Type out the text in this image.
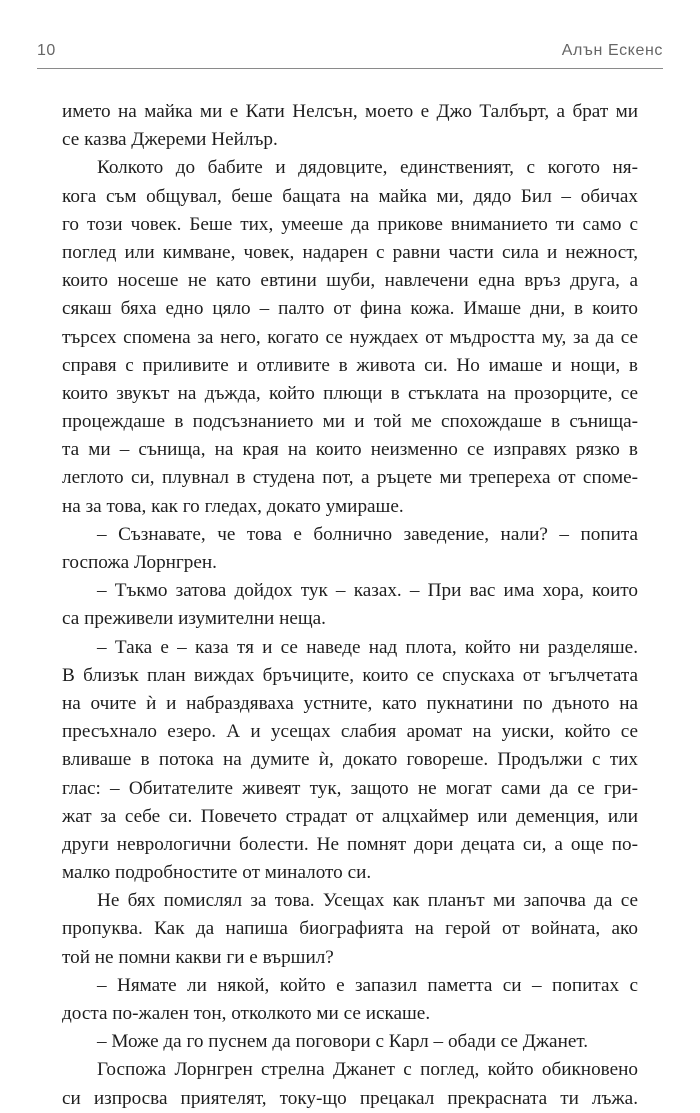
10	Алън Ескенс
името на майка ми е Кати Нелсън, моето е Джо Талбърт, а брат ми
се казва Джереми Нейлър.
Колкото до бабите и дядовците, единственият, с когото ня-
кога съм общувал, беше бащата на майка ми, дядо Бил – обичах
го този човек. Беше тих, умееше да прикове вниманието ти само с
поглед или кимване, човек, надарен с равни части сила и нежност,
които носеше не като евтини шуби, навлечени една връз друга, а
сякаш бяха едно цяло – палто от фина кожа. Имаше дни, в които
търсех спомена за него, когато се нуждаех от мъдростта му, за да се
справя с приливите и отливите в живота си. Но имаше и нощи, в
които звукът на дъжда, който плющи в стъклата на прозорците, се
процеждаше в подсъзнанието ми и той ме спохождаше в сънища-
та ми – сънища, на края на които неизменно се изправях рязко в
леглото си, плувнал в студена пот, а ръцете ми трепереха от споме-
на за това, как го гледах, докато умираше.
– Съзнавате, че това е болнично заведение, нали? – попита
госпожа Лорнгрен.
– Тъкмо затова дойдох тук – казах. – При вас има хора, които
са преживели изумителни неща.
– Така е – каза тя и се наведе над плота, който ни разделяше.
В близък план виждах бръчиците, които се спускаха от ъгълчетата
на очите ѝ и набраздяваха устните, като пукнатини по дъното на
пресъхнало езеро. А и усещах слабия аромат на уиски, който се
вливаше в потока на думите ѝ, докато говореше. Продължи с тих
глас: – Обитателите живеят тук, защото не могат сами да се гри-
жат за себе си. Повечето страдат от алцхаймер или деменция, или
други неврологични болести. Не помнят дори децата си, а още по-
малко подробностите от миналото си.
Не бях помислял за това. Усещах как планът ми започва да се
пропуква. Как да напиша биографията на герой от войната, ако
той не помни какви ги е вършил?
– Нямате ли някой, който е запазил паметта си – попитах с
доста по-жален тон, отколкото ми се искаше.
– Може да го пуснем да поговори с Карл – обади се Джанет.
Госпожа Лорнгрен стрелна Джанет с поглед, който обикновено
си изпросва приятелят, току-що прецакал прекрасната ти лъжа.
